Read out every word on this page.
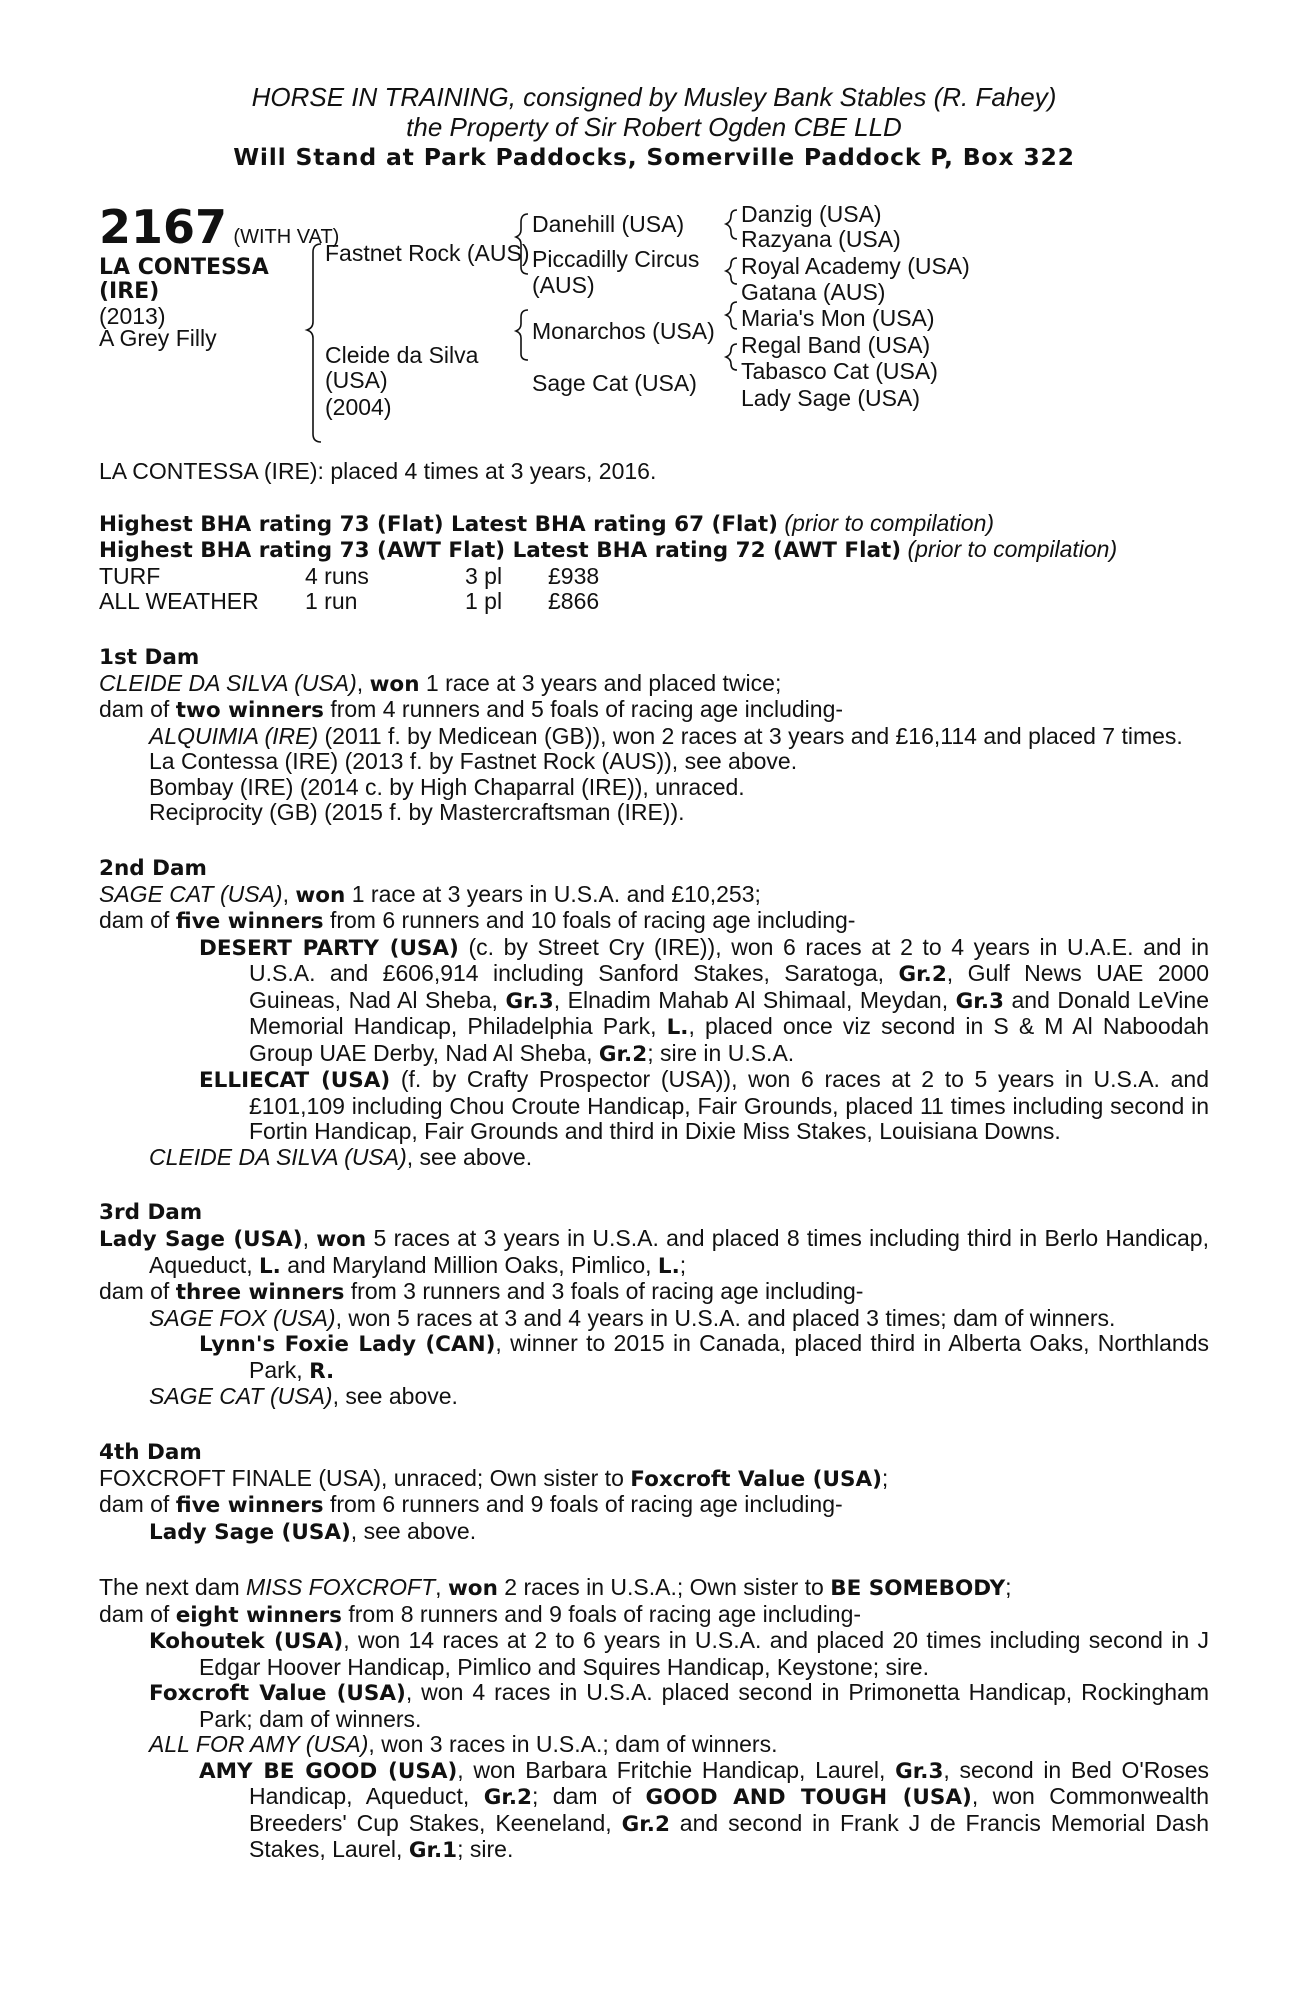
HORSE IN TRAINING, consigned by Musley Bank Stables (R. Fahey)
the Property of Sir Robert Ogden CBE LLD
Will Stand at Park Paddocks, Somerville Paddock P, Box 322
2167 (WITH VAT)
LA CONTESSA
(IRE)
(2013)
A Grey Filly
Fastnet Rock (AUS)
Cleide da Silva
(USA)
(2004)
Danehill (USA)
Piccadilly Circus
(AUS)
Monarchos (USA)
Sage Cat (USA)
Danzig (USA)
Razyana (USA)
Royal Academy (USA)
Gatana (AUS)
Maria's Mon (USA)
Regal Band (USA)
Tabasco Cat (USA)
Lady Sage (USA)
LA CONTESSA (IRE): placed 4 times at 3 years, 2016.
Highest BHA rating 73 (Flat) Latest BHA rating 67 (Flat) (prior to compilation)
Highest BHA rating 73 (AWT Flat) Latest BHA rating 72 (AWT Flat) (prior to compilation)
TURF	4 runs	3 pl £938
ALL WEATHER 1 run	1 pl £866
1st Dam
CLEIDE DA SILVA (USA), won 1 race at 3 years and placed twice;
dam of two winners from 4 runners and 5 foals of racing age including-
ALQUIMIA (IRE) (2011 f. by Medicean (GB)), won 2 races at 3 years and £16,114 and placed 7 times.
La Contessa (IRE) (2013 f. by Fastnet Rock (AUS)), see above.
Bombay (IRE) (2014 c. by High Chaparral (IRE)), unraced.
Reciprocity (GB) (2015 f. by Mastercraftsman (IRE)).
2nd Dam
SAGE CAT (USA), won 1 race at 3 years in U.S.A. and £10,253;
dam of five winners from 6 runners and 10 foals of racing age including-
DESERT PARTY (USA) (c. by Street Cry (IRE)), won 6 races at 2 to 4 years in U.A.E. and in U.S.A. and £606,914 including Sanford Stakes, Saratoga, Gr.2, Gulf News UAE 2000 Guineas, Nad Al Sheba, Gr.3, Elnadim Mahab Al Shimaal, Meydan, Gr.3 and Donald LeVine Memorial Handicap, Philadelphia Park, L., placed once viz second in S & M Al Naboodah Group UAE Derby, Nad Al Sheba, Gr.2; sire in U.S.A.
ELLIECAT (USA) (f. by Crafty Prospector (USA)), won 6 races at 2 to 5 years in U.S.A. and £101,109 including Chou Croute Handicap, Fair Grounds, placed 11 times including second in Fortin Handicap, Fair Grounds and third in Dixie Miss Stakes, Louisiana Downs.
CLEIDE DA SILVA (USA), see above.
3rd Dam
Lady Sage (USA), won 5 races at 3 years in U.S.A. and placed 8 times including third in Berlo Handicap, Aqueduct, L. and Maryland Million Oaks, Pimlico, L.;
dam of three winners from 3 runners and 3 foals of racing age including-
SAGE FOX (USA), won 5 races at 3 and 4 years in U.S.A. and placed 3 times; dam of winners.
Lynn's Foxie Lady (CAN), winner to 2015 in Canada, placed third in Alberta Oaks, Northlands Park, R.
SAGE CAT (USA), see above.
4th Dam
FOXCROFT FINALE (USA), unraced; Own sister to Foxcroft Value (USA);
dam of five winners from 6 runners and 9 foals of racing age including-
Lady Sage (USA), see above.
The next dam MISS FOXCROFT, won 2 races in U.S.A.; Own sister to BE SOMEBODY;
dam of eight winners from 8 runners and 9 foals of racing age including-
Kohoutek (USA), won 14 races at 2 to 6 years in U.S.A. and placed 20 times including second in J Edgar Hoover Handicap, Pimlico and Squires Handicap, Keystone; sire.
Foxcroft Value (USA), won 4 races in U.S.A. placed second in Primonetta Handicap, Rockingham Park; dam of winners.
ALL FOR AMY (USA), won 3 races in U.S.A.; dam of winners.
AMY BE GOOD (USA), won Barbara Fritchie Handicap, Laurel, Gr.3, second in Bed O'Roses Handicap, Aqueduct, Gr.2; dam of GOOD AND TOUGH (USA), won Commonwealth Breeders' Cup Stakes, Keeneland, Gr.2 and second in Frank J de Francis Memorial Dash Stakes, Laurel, Gr.1; sire.
